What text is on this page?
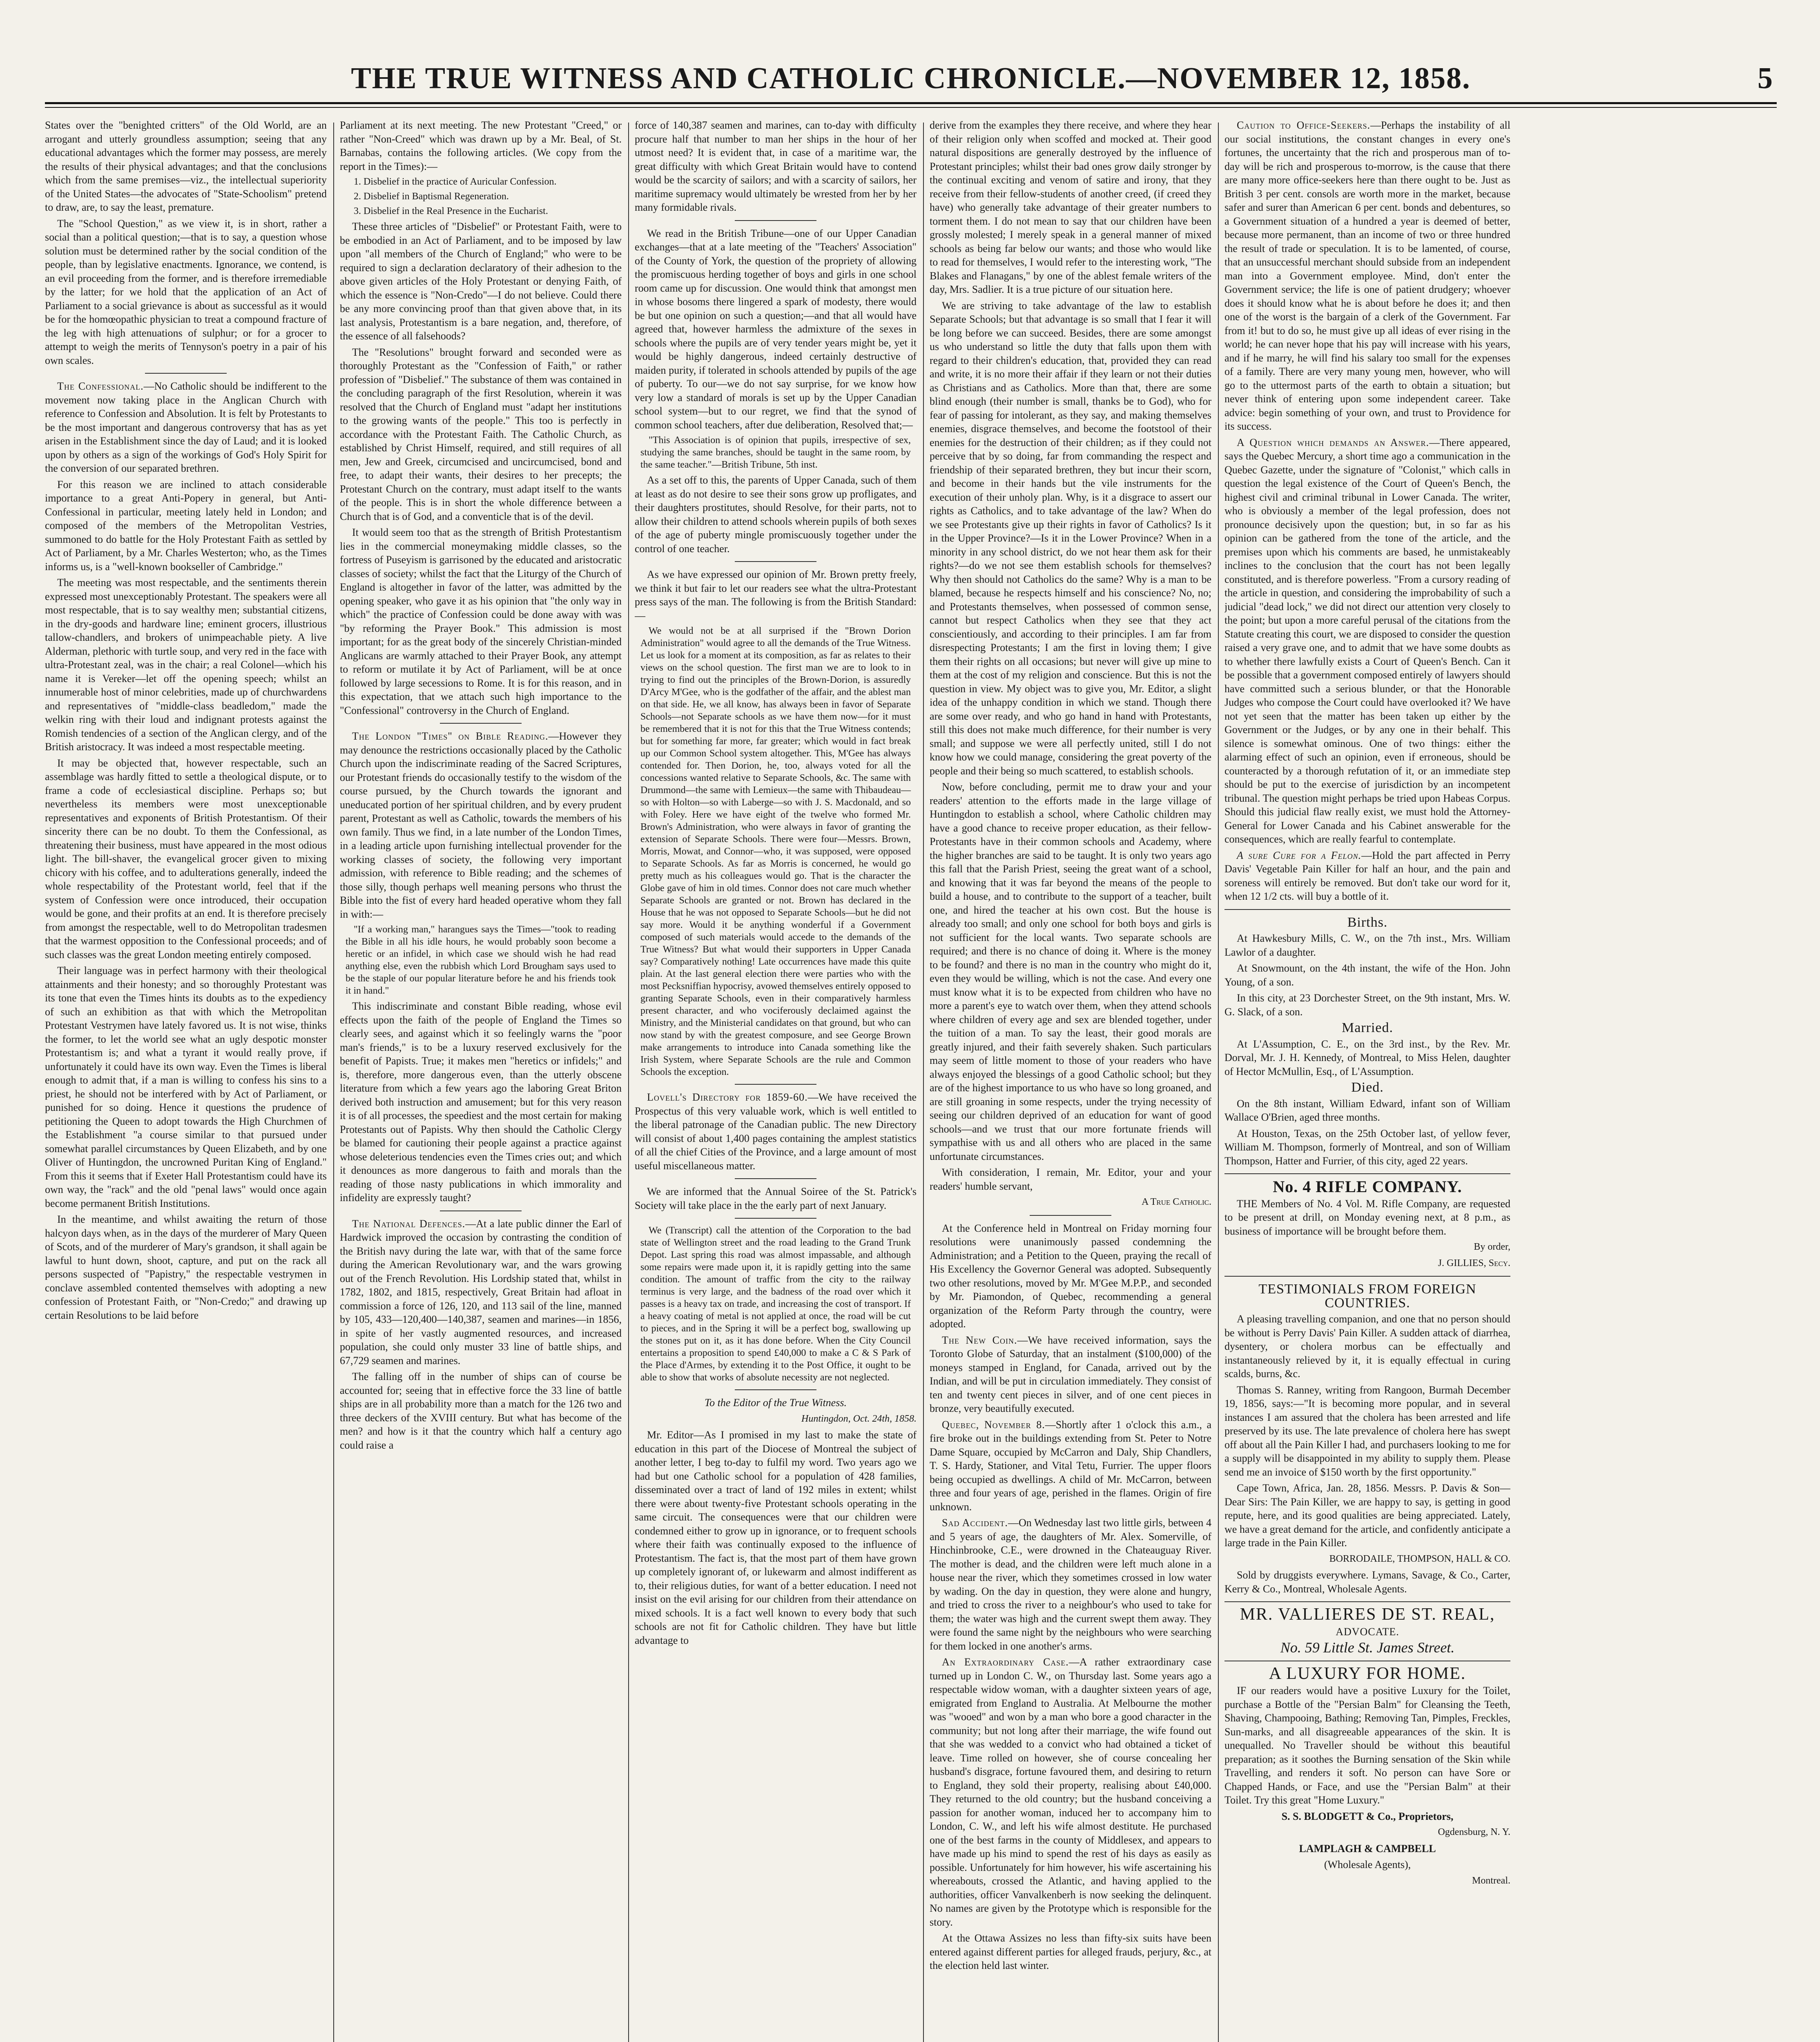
THE TRUE WITNESS AND CATHOLIC CHRONICLE.—NOVEMBER 12, 1858.	5

States over the "benighted critters" of the Old World, are an arrogant and utterly groundless assumption; seeing that any educational advantages which the former may possess, are merely the results of their physical advantages; and that the conclusions which from the same premises—viz., the intellectual superiority of the United States—the advocates of "State-Schoolism" pretend to draw, are, to say the least, premature.

The "School Question," as we view it, is in short, rather a social than a political question;—that is to say, a question whose solution must be determined rather by the social condition of the people, than by legislative enactments. Ignorance, we contend, is an evil proceeding from the former, and is therefore irremediable by the latter; for we hold that the application of an Act of Parliament to a social grievance is about as successful as it would be for the homœopathic physician to treat a compound fracture of the leg with high attenuations of sulphur; or for a grocer to attempt to weigh the merits of Tennyson's poetry in a pair of his own scales.

The Confessional.—No Catholic should be indifferent to the movement now taking place in the Anglican Church with reference to Confession and Absolution. It is felt by Protestants to be the most important and dangerous controversy that has as yet arisen in the Establishment since the day of Laud; and it is looked upon by others as a sign of the workings of God's Holy Spirit for the conversion of our separated brethren.

For this reason we are inclined to attach considerable importance to a great Anti-Popery in general, but Anti-Confessional in particular, meeting lately held in London; and composed of the members of the Metropolitan Vestries, summoned to do battle for the Holy Protestant Faith as settled by Act of Parliament, by a Mr. Charles Westerton; who, as the Times informs us, is a "well-known bookseller of Cambridge."

The meeting was most respectable, and the sentiments therein expressed most unexceptionably Protestant. The speakers were all most respectable, that is to say wealthy men; substantial citizens, in the dry-goods and hardware line; eminent grocers, illustrious tallow-chandlers, and brokers of unimpeachable piety. A live Alderman, plethoric with turtle soup, and very red in the face with ultra-Protestant zeal, was in the chair; a real Colonel—which his name it is Vereker—let off the opening speech; whilst an innumerable host of minor celebrities, made up of churchwardens and representatives of "middle-class beadledom," made the welkin ring with their loud and indignant protests against the Romish tendencies of a section of the Anglican clergy, and of the British aristocracy. It was indeed a most respectable meeting.

It may be objected that, however respectable, such an assemblage was hardly fitted to settle a theological dispute, or to frame a code of ecclesiastical discipline. Perhaps so; but nevertheless its members were most unexceptionable representatives and exponents of British Protestantism. Of their sincerity there can be no doubt. To them the Confessional, as threatening their business, must have appeared in the most odious light. The bill-shaver, the evangelical grocer given to mixing chicory with his coffee, and to adulterations generally, indeed the whole respectability of the Protestant world, feel that if the system of Confession were once introduced, their occupation would be gone, and their profits at an end. It is therefore precisely from amongst the respectable, well to do Metropolitan tradesmen that the warmest opposition to the Confessional proceeds; and of such classes was the great London meeting entirely composed.

Their language was in perfect harmony with their theological attainments and their honesty; and so thoroughly Protestant was its tone that even the Times hints its doubts as to the expediency of such an exhibition as that with which the Metropolitan Protestant Vestrymen have lately favored us. It is not wise, thinks the former, to let the world see what an ugly despotic monster Protestantism is; and what a tyrant it would really prove, if unfortunately it could have its own way. Even the Times is liberal enough to admit that, if a man is willing to confess his sins to a priest, he should not be interfered with by Act of Parliament, or punished for so doing. Hence it questions the prudence of petitioning the Queen to adopt towards the High Churchmen of the Establishment "a course similar to that pursued under somewhat parallel circumstances by Queen Elizabeth, and by one Oliver of Huntingdon, the uncrowned Puritan King of England." From this it seems that if Exeter Hall Protestantism could have its own way, the "rack" and the old "penal laws" would once again become permanent British Institutions.

In the meantime, and whilst awaiting the return of those halcyon days when, as in the days of the murderer of Mary Queen of Scots, and of the murderer of Mary's grandson, it shall again be lawful to hunt down, shoot, capture, and put on the rack all persons suspected of "Papistry," the respectable vestrymen in conclave assembled contented themselves with adopting a new confession of Protestant Faith, or "Non-Credo;" and drawing up certain Resolutions to be laid before

Parliament at its next meeting. The new Protestant "Creed," or rather "Non-Creed" which was drawn up by a Mr. Beal, of St. Barnabas, contains the following articles. (We copy from the report in the Times):—

1. Disbelief in the practice of Auricular Confession.

2. Disbelief in Baptismal Regeneration.

3. Disbelief in the Real Presence in the Eucharist.

These three articles of "Disbelief" or Protestant Faith, were to be embodied in an Act of Parliament, and to be imposed by law upon "all members of the Church of England;" who were to be required to sign a declaration declaratory of their adhesion to the above given articles of the Holy Protestant or denying Faith, of which the essence is "Non-Credo"—I do not believe. Could there be any more convincing proof than that given above that, in its last analysis, Protestantism is a bare negation, and, therefore, of the essence of all falsehoods?

The "Resolutions" brought forward and seconded were as thoroughly Protestant as the "Confession of Faith," or rather profession of "Disbelief." The substance of them was contained in the concluding paragraph of the first Resolution, wherein it was resolved that the Church of England must "adapt her institutions to the growing wants of the people." This too is perfectly in accordance with the Protestant Faith. The Catholic Church, as established by Christ Himself, required, and still requires of all men, Jew and Greek, circumcised and uncircumcised, bond and free, to adapt their wants, their desires to her precepts; the Protestant Church on the contrary, must adapt itself to the wants of the people. This is in short the whole difference between a Church that is of God, and a conventicle that is of the devil.

It would seem too that as the strength of British Protestantism lies in the commercial moneymaking middle classes, so the fortress of Puseyism is garrisoned by the educated and aristocratic classes of society; whilst the fact that the Liturgy of the Church of England is altogether in favor of the latter, was admitted by the opening speaker, who gave it as his opinion that "the only way in which" the practice of Confession could be done away with was "by reforming the Prayer Book." This admission is most important; for as the great body of the sincerely Christian-minded Anglicans are warmly attached to their Prayer Book, any attempt to reform or mutilate it by Act of Parliament, will be at once followed by large secessions to Rome. It is for this reason, and in this expectation, that we attach such high importance to the "Confessional" controversy in the Church of England.

The London "Times" on Bible Reading.—However they may denounce the restrictions occasionally placed by the Catholic Church upon the indiscriminate reading of the Sacred Scriptures, our Protestant friends do occasionally testify to the wisdom of the course pursued, by the Church towards the ignorant and uneducated portion of her spiritual children, and by every prudent parent, Protestant as well as Catholic, towards the members of his own family. Thus we find, in a late number of the London Times, in a leading article upon furnishing intellectual provender for the working classes of society, the following very important admission, with reference to Bible reading; and the schemes of those silly, though perhaps well meaning persons who thrust the Bible into the fist of every hard headed operative whom they fall in with:—

"If a working man," harangues says the Times—"took to reading the Bible in all his idle hours, he would probably soon become a heretic or an infidel, in which case we should wish he had read anything else, even the rubbish which Lord Brougham says used to be the staple of our popular literature before he and his friends took it in hand."

This indiscriminate and constant Bible reading, whose evil effects upon the faith of the people of England the Times so clearly sees, and against which it so feelingly warns the "poor man's friends," is to be a luxury reserved exclusively for the benefit of Papists. True; it makes men "heretics or infidels;" and is, therefore, more dangerous even, than the utterly obscene literature from which a few years ago the laboring Great Briton derived both instruction and amusement; but for this very reason it is of all processes, the speediest and the most certain for making Protestants out of Papists. Why then should the Catholic Clergy be blamed for cautioning their people against a practice against whose deleterious tendencies even the Times cries out; and which it denounces as more dangerous to faith and morals than the reading of those nasty publications in which immorality and infidelity are expressly taught?

The National Defences.—At a late public dinner the Earl of Hardwick improved the occasion by contrasting the condition of the British navy during the late war, with that of the same force during the American Revolutionary war, and the wars growing out of the French Revolution. His Lordship stated that, whilst in 1782, 1802, and 1815, respectively, Great Britain had afloat in commission a force of 126, 120, and 113 sail of the line, manned by 105, 433—120,400—140,387, seamen and marines—in 1856, in spite of her vastly augmented resources, and increased population, she could only muster 33 line of battle ships, and 67,729 seamen and marines.

The falling off in the number of ships can of course be accounted for; seeing that in effective force the 33 line of battle ships are in all probability more than a match for the 126 two and three deckers of the XVIII century. But what has become of the men? and how is it that the country which half a century ago could raise a

force of 140,387 seamen and marines, can to-day with difficulty procure half that number to man her ships in the hour of her utmost need? It is evident that, in case of a maritime war, the great difficulty with which Great Britain would have to contend would be the scarcity of sailors; and with a scarcity of sailors, her maritime supremacy would ultimately be wrested from her by her many formidable rivals.

We read in the British Tribune—one of our Upper Canadian exchanges—that at a late meeting of the "Teachers' Association" of the County of York, the question of the propriety of allowing the promiscuous herding together of boys and girls in one school room came up for discussion. One would think that amongst men in whose bosoms there lingered a spark of modesty, there would be but one opinion on such a question;—and that all would have agreed that, however harmless the admixture of the sexes in schools where the pupils are of very tender years might be, yet it would be highly dangerous, indeed certainly destructive of maiden purity, if tolerated in schools attended by pupils of the age of puberty. To our—we do not say surprise, for we know how very low a standard of morals is set up by the Upper Canadian school system—but to our regret, we find that the synod of common school teachers, after due deliberation, Resolved that;—

"This Association is of opinion that pupils, irrespective of sex, studying the same branches, should be taught in the same room, by the same teacher."—British Tribune, 5th inst.

As a set off to this, the parents of Upper Canada, such of them at least as do not desire to see their sons grow up profligates, and their daughters prostitutes, should Resolve, for their parts, not to allow their children to attend schools wherein pupils of both sexes of the age of puberty mingle promiscuously together under the control of one teacher.

As we have expressed our opinion of Mr. Brown pretty freely, we think it but fair to let our readers see what the ultra-Protestant press says of the man. The following is from the British Standard:—

We would not be at all surprised if the "Brown Dorion Administration" would agree to all the demands of the True Witness. Let us look for a moment at its composition, as far as relates to their views on the school question. The first man we are to look to in trying to find out the principles of the Brown-Dorion, is assuredly D'Arcy M'Gee, who is the godfather of the affair, and the ablest man on that side. He, we all know, has always been in favor of Separate Schools—not Separate schools as we have them now—for it must be remembered that it is not for this that the True Witness contends; but for something far more, far greater; which would in fact break up our Common School system altogether. This, M'Gee has always contended for. Then Dorion, he, too, always voted for all the concessions wanted relative to Separate Schools, &c. The same with Drummond—the same with Lemieux—the same with Thibaudeau—so with Holton—so with Laberge—so with J. S. Macdonald, and so with Foley. Here we have eight of the twelve who formed Mr. Brown's Administration, who were always in favor of granting the extension of Separate Schools. There were four—Messrs. Brown, Morris, Mowat, and Connor—who, it was supposed, were opposed to Separate Schools. As far as Morris is concerned, he would go pretty much as his colleagues would go. That is the character the Globe gave of him in old times. Connor does not care much whether Separate Schools are granted or not. Brown has declared in the House that he was not opposed to Separate Schools—but he did not say more. Would it be anything wonderful if a Government composed of such materials would accede to the demands of the True Witness? But what would their supporters in Upper Canada say? Comparatively nothing! Late occurrences have made this quite plain. At the last general election there were parties who with the most Pecksniffian hypocrisy, avowed themselves entirely opposed to granting Separate Schools, even in their comparatively harmless present character, and who vociferously declaimed against the Ministry, and the Ministerial candidates on that ground, but who can now stand by with the greatest composure, and see George Brown make arrangements to introduce into Canada something like the Irish System, where Separate Schools are the rule and Common Schools the exception.

Lovell's Directory for 1859-60.—We have received the Prospectus of this very valuable work, which is well entitled to the liberal patronage of the Canadian public. The new Directory will consist of about 1,400 pages containing the amplest statistics of all the chief Cities of the Province, and a large amount of most useful miscellaneous matter.

We are informed that the Annual Soiree of the St. Patrick's Society will take place in the the early part of next January.

We (Transcript) call the attention of the Corporation to the bad state of Wellington street and the road leading to the Grand Trunk Depot. Last spring this road was almost impassable, and although some repairs were made upon it, it is rapidly getting into the same condition. The amount of traffic from the city to the railway terminus is very large, and the badness of the road over which it passes is a heavy tax on trade, and increasing the cost of transport. If a heavy coating of metal is not applied at once, the road will be cut to pieces, and in the Spring it will be a perfect bog, swallowing up the stones put on it, as it has done before. When the City Council entertains a proposition to spend £40,000 to make a C & S Park of the Place d'Armes, by extending it to the Post Office, it ought to be able to show that works of absolute necessity are not neglected.

To the Editor of the True Witness.

Huntingdon, Oct. 24th, 1858.

Mr. Editor—As I promised in my last to make the state of education in this part of the Diocese of Montreal the subject of another letter, I beg to-day to fulfil my word. Two years ago we had but one Catholic school for a population of 428 families, disseminated over a tract of land of 192 miles in extent; whilst there were about twenty-five Protestant schools operating in the same circuit. The consequences were that our children were condemned either to grow up in ignorance, or to frequent schools where their faith was continually exposed to the influence of Protestantism. The fact is, that the most part of them have grown up completely ignorant of, or lukewarm and almost indifferent as to, their religious duties, for want of a better education. I need not insist on the evil arising for our children from their attendance on mixed schools. It is a fact well known to every body that such schools are not fit for Catholic children. They have but little advantage to

derive from the examples they there receive, and where they hear of their religion only when scoffed and mocked at. Their good natural dispositions are generally destroyed by the influence of Protestant principles; whilst their bad ones grow daily stronger by the continual exciting and venom of satire and irony, that they receive from their fellow-students of another creed, (if creed they have) who generally take advantage of their greater numbers to torment them. I do not mean to say that our children have been grossly molested; I merely speak in a general manner of mixed schools as being far below our wants; and those who would like to read for themselves, I would refer to the interesting work, "The Blakes and Flanagans," by one of the ablest female writers of the day, Mrs. Sadlier. It is a true picture of our situation here.

We are striving to take advantage of the law to establish Separate Schools; but that advantage is so small that I fear it will be long before we can succeed. Besides, there are some amongst us who understand so little the duty that falls upon them with regard to their children's education, that, provided they can read and write, it is no more their affair if they learn or not their duties as Christians and as Catholics. More than that, there are some blind enough (their number is small, thanks be to God), who for fear of passing for intolerant, as they say, and making themselves enemies, disgrace themselves, and become the footstool of their enemies for the destruction of their children; as if they could not perceive that by so doing, far from commanding the respect and friendship of their separated brethren, they but incur their scorn, and become in their hands but the vile instruments for the execution of their unholy plan. Why, is it a disgrace to assert our rights as Catholics, and to take advantage of the law? When do we see Protestants give up their rights in favor of Catholics? Is it in the Upper Province?—Is it in the Lower Province? When in a minority in any school district, do we not hear them ask for their rights?—do we not see them establish schools for themselves? Why then should not Catholics do the same? Why is a man to be blamed, because he respects himself and his conscience? No, no; and Protestants themselves, when possessed of common sense, cannot but respect Catholics when they see that they act conscientiously, and according to their principles. I am far from disrespecting Protestants; I am the first in loving them; I give them their rights on all occasions; but never will give up mine to them at the cost of my religion and conscience. But this is not the question in view. My object was to give you, Mr. Editor, a slight idea of the unhappy condition in which we stand. Though there are some over ready, and who go hand in hand with Protestants, still this does not make much difference, for their number is very small; and suppose we were all perfectly united, still I do not know how we could manage, considering the great poverty of the people and their being so much scattered, to establish schools.

Now, before concluding, permit me to draw your and your readers' attention to the efforts made in the large village of Huntingdon to establish a school, where Catholic children may have a good chance to receive proper education, as their fellow-Protestants have in their common schools and Academy, where the higher branches are said to be taught. It is only two years ago this fall that the Parish Priest, seeing the great want of a school, and knowing that it was far beyond the means of the people to build a house, and to contribute to the support of a teacher, built one, and hired the teacher at his own cost. But the house is already too small; and only one school for both boys and girls is not sufficient for the local wants. Two separate schools are required; and there is no chance of doing it. Where is the money to be found? and there is no man in the country who might do it, even they would be willing, which is not the case. And every one must know what it is to be expected from children who have no more a parent's eye to watch over them, when they attend schools where children of every age and sex are blended together, under the tuition of a man. To say the least, their good morals are greatly injured, and their faith severely shaken. Such particulars may seem of little moment to those of your readers who have always enjoyed the blessings of a good Catholic school; but they are of the highest importance to us who have so long groaned, and are still groaning in some respects, under the trying necessity of seeing our children deprived of an education for want of good schools—and we trust that our more fortunate friends will sympathise with us and all others who are placed in the same unfortunate circumstances.

With consideration, I remain, Mr. Editor, your and your readers' humble servant,

A True Catholic.

At the Conference held in Montreal on Friday morning four resolutions were unanimously passed condemning the Administration; and a Petition to the Queen, praying the recall of His Excellency the Governor General was adopted. Subsequently two other resolutions, moved by Mr. M'Gee M.P.P., and seconded by Mr. Piamondon, of Quebec, recommending a general organization of the Reform Party through the country, were adopted.

The New Coin.—We have received information, says the Toronto Globe of Saturday, that an instalment ($100,000) of the moneys stamped in England, for Canada, arrived out by the Indian, and will be put in circulation immediately. They consist of ten and twenty cent pieces in silver, and of one cent pieces in bronze, very beautifully executed.

Quebec, November 8.—Shortly after 1 o'clock this a.m., a fire broke out in the buildings extending from St. Peter to Notre Dame Square, occupied by McCarron and Daly, Ship Chandlers, T. S. Hardy, Stationer, and Vital Tetu, Furrier. The upper floors being occupied as dwellings. A child of Mr. McCarron, between three and four years of age, perished in the flames. Origin of fire unknown.

Sad Accident.—On Wednesday last two little girls, between 4 and 5 years of age, the daughters of Mr. Alex. Somerville, of Hinchinbrooke, C.E., were drowned in the Chateauguay River. The mother is dead, and the children were left much alone in a house near the river, which they sometimes crossed in low water by wading. On the day in question, they were alone and hungry, and tried to cross the river to a neighbour's who used to take for them; the water was high and the current swept them away. They were found the same night by the neighbours who were searching for them locked in one another's arms.

An Extraordinary Case.—A rather extraordinary case turned up in London C. W., on Thursday last. Some years ago a respectable widow woman, with a daughter sixteen years of age, emigrated from England to Australia. At Melbourne the mother was "wooed" and won by a man who bore a good character in the community; but not long after their marriage, the wife found out that she was wedded to a convict who had obtained a ticket of leave. Time rolled on however, she of course concealing her husband's disgrace, fortune favoured them, and desiring to return to England, they sold their property, realising about £40,000. They returned to the old country; but the husband conceiving a passion for another woman, induced her to accompany him to London, C. W., and left his wife almost destitute. He purchased one of the best farms in the county of Middlesex, and appears to have made up his mind to spend the rest of his days as easily as possible. Unfortunately for him however, his wife ascertaining his whereabouts, crossed the Atlantic, and having applied to the authorities, officer Vanvalkenberh is now seeking the delinquent. No names are given by the Prototype which is responsible for the story.

At the Ottawa Assizes no less than fifty-six suits have been entered against different parties for alleged frauds, perjury, &c., at the election held last winter.

Caution to Office-Seekers.—Perhaps the instability of all our social institutions, the constant changes in every one's fortunes, the uncertainty that the rich and prosperous man of to-day will be rich and prosperous to-morrow, is the cause that there are many more office-seekers here than there ought to be. Just as British 3 per cent. consols are worth more in the market, because safer and surer than American 6 per cent. bonds and debentures, so a Government situation of a hundred a year is deemed of better, because more permanent, than an income of two or three hundred the result of trade or speculation. It is to be lamented, of course, that an unsuccessful merchant should subside from an independent man into a Government employee. Mind, don't enter the Government service; the life is one of patient drudgery; whoever does it should know what he is about before he does it; and then one of the worst is the bargain of a clerk of the Government. Far from it! but to do so, he must give up all ideas of ever rising in the world; he can never hope that his pay will increase with his years, and if he marry, he will find his salary too small for the expenses of a family. There are very many young men, however, who will go to the uttermost parts of the earth to obtain a situation; but never think of entering upon some independent career. Take advice: begin something of your own, and trust to Providence for its success.

A Question which demands an Answer.—There appeared, says the Quebec Mercury, a short time ago a communication in the Quebec Gazette, under the signature of "Colonist," which calls in question the legal existence of the Court of Queen's Bench, the highest civil and criminal tribunal in Lower Canada. The writer, who is obviously a member of the legal profession, does not pronounce decisively upon the question; but, in so far as his opinion can be gathered from the tone of the article, and the premises upon which his comments are based, he unmistakeably inclines to the conclusion that the court has not been legally constituted, and is therefore powerless. "From a cursory reading of the article in question, and considering the improbability of such a judicial "dead lock," we did not direct our attention very closely to the point; but upon a more careful perusal of the citations from the Statute creating this court, we are disposed to consider the question raised a very grave one, and to admit that we have some doubts as to whether there lawfully exists a Court of Queen's Bench. Can it be possible that a government composed entirely of lawyers should have committed such a serious blunder, or that the Honorable Judges who compose the Court could have overlooked it? We have not yet seen that the matter has been taken up either by the Government or the Judges, or by any one in their behalf. This silence is somewhat ominous. One of two things: either the alarming effect of such an opinion, even if erroneous, should be counteracted by a thorough refutation of it, or an immediate step should be put to the exercise of jurisdiction by an incompetent tribunal. The question might perhaps be tried upon Habeas Corpus. Should this judicial flaw really exist, we must hold the Attorney-General for Lower Canada and his Cabinet answerable for the consequences, which are really fearful to contemplate.

A sure Cure for a Felon.—Hold the part affected in Perry Davis' Vegetable Pain Killer for half an hour, and the pain and soreness will entirely be removed. But don't take our word for it, when 12 1/2 cts. will buy a bottle of it.

Births.

At Hawkesbury Mills, C. W., on the 7th inst., Mrs. William Lawlor of a daughter.

At Snowmount, on the 4th instant, the wife of the Hon. John Young, of a son.

In this city, at 23 Dorchester Street, on the 9th instant, Mrs. W. G. Slack, of a son.

Married.

At L'Assumption, C. E., on the 3rd inst., by the Rev. Mr. Dorval, Mr. J. H. Kennedy, of Montreal, to Miss Helen, daughter of Hector McMullin, Esq., of L'Assumption.

Died.

On the 8th instant, William Edward, infant son of William Wallace O'Brien, aged three months.

At Houston, Texas, on the 25th October last, of yellow fever, William M. Thompson, formerly of Montreal, and son of William Thompson, Hatter and Furrier, of this city, aged 22 years.

No. 4 RIFLE COMPANY.

THE Members of No. 4 Vol. M. Rifle Company, are requested to be present at drill, on Monday evening next, at 8 p.m., as business of importance will be brought before them.

By order,

J. GILLIES, Secy.

TESTIMONIALS FROM FOREIGN COUNTRIES.

A pleasing travelling companion, and one that no person should be without is Perry Davis' Pain Killer. A sudden attack of diarrhea, dysentery, or cholera morbus can be effectually and instantaneously relieved by it, it is equally effectual in curing scalds, burns, &c.

Thomas S. Ranney, writing from Rangoon, Burmah December 19, 1856, says:—"It is becoming more popular, and in several instances I am assured that the cholera has been arrested and life preserved by its use. The late prevalence of cholera here has swept off about all the Pain Killer I had, and purchasers looking to me for a supply will be disappointed in my ability to supply them. Please send me an invoice of $150 worth by the first opportunity."

Cape Town, Africa, Jan. 28, 1856. Messrs. P. Davis & Son—Dear Sirs: The Pain Killer, we are happy to say, is getting in good repute, here, and its good qualities are being appreciated. Lately, we have a great demand for the article, and confidently anticipate a large trade in the Pain Killer.

BORRODAILE, THOMPSON, HALL & CO.

Sold by druggists everywhere. Lymans, Savage, & Co., Carter, Kerry & Co., Montreal, Wholesale Agents.

MR. VALLIERES DE ST. REAL,
ADVOCATE.
No. 59 Little St. James Street.
A LUXURY FOR HOME.

IF our readers would have a positive Luxury for the Toilet, purchase a Bottle of the "Persian Balm" for Cleansing the Teeth, Shaving, Champooing, Bathing; Removing Tan, Pimples, Freckles, Sun-marks, and all disagreeable appearances of the skin. It is unequalled. No Traveller should be without this beautiful preparation; as it soothes the Burning sensation of the Skin while Travelling, and renders it soft. No person can have Sore or Chapped Hands, or Face, and use the "Persian Balm" at their Toilet. Try this great "Home Luxury."

S. S. BLODGETT & Co., Proprietors,

Ogdensburg, N. Y.

LAMPLAGH & CAMPBELL

(Wholesale Agents),

Montreal.
